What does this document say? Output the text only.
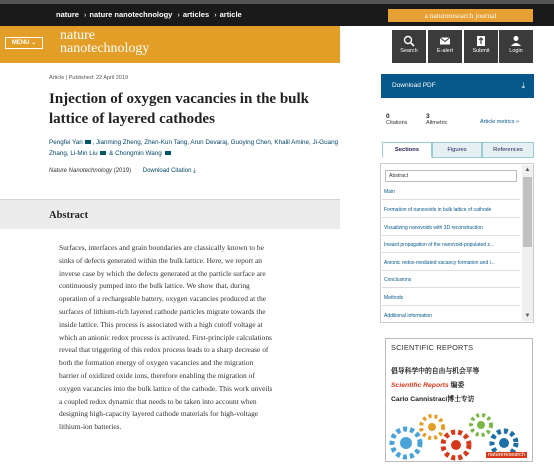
nature › nature nanotechnology › articles › article	a natureresearch journal
MENU ⌄	nature
nanotechnology	Search	E-alert	Submit	Login
Article | Published: 22 April 2019
Injection of oxygen vacancies in the bulk lattice of layered cathodes
Pengfei Yan , Jianming Zheng, Zhen-Kun Tang, Arun Devaraj, Guoying Chen, Khalil Amine, Ji-Guang
Zhang, Li-Min Liu & Chongmin Wang
Nature Nanotechnology (2019) Download Citation ⤓
Abstract
Surfaces, interfaces and grain boundaries are classically known to be
sinks of defects generated within the bulk lattice. Here, we report an
inverse case by which the defects generated at the particle surface are
continuously pumped into the bulk lattice. We show that, during
operation of a rechargeable battery, oxygen vacancies produced at the
surfaces of lithium-rich layered cathode particles migrate towards the
inside lattice. This process is associated with a high cutoff voltage at
which an anionic redox process is activated. First-principle calculations
reveal that triggering of this redox process leads to a sharp decrease of
both the formation energy of oxygen vacancies and the migration
barrier of oxidized oxide ions, therefore enabling the migration of
oxygen vacancies into the bulk lattice of the cathode. This work unveils
a coupled redox dynamic that needs to be taken into account when
designing high-capacity layered cathode materials for high-voltage
lithium-ion batteries.
Download PDF	⤓
0
Citations
3
Altmetric	Article metrics »
Sections	Figures	References
Abstract
Main
Formation of nanovoids in bulk lattice of cathode
Visualizing nanovoids with 3D reconstruction
Inward propagation of the nanovoid-populated z...
Anionic redox-mediated vacancy formation and i...
Conclusions
Methods
Additional information
▲
▼
SCIENTIFIC REPORTS
倡导科学中的自由与机会平等
Scientific Reports 编委
Carlo Cannistraci博士专访
natureresearch
